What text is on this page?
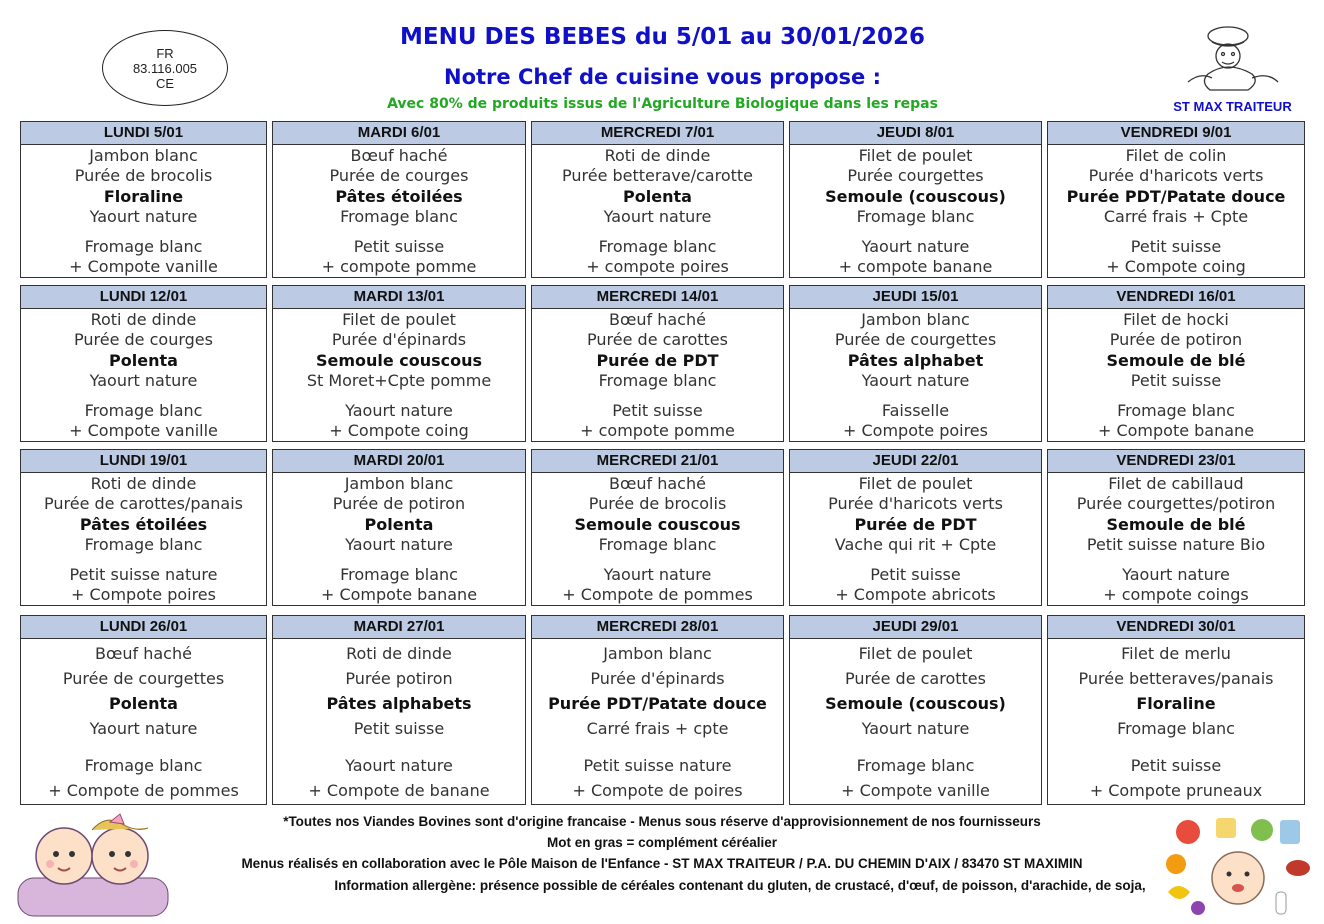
FR
83.116.005
CE
MENU DES BEBES du 5/01 au 30/01/2026
Notre Chef de cuisine vous propose :
Avec 80% de produits issus de l'Agriculture Biologique dans les repas	ST MAX TRAITEUR
LUNDI 5/01
Jambon blanc
Purée de brocolis
Floraline
Yaourt nature
Fromage blanc
+ Compote vanille
MARDI 6/01
Bœuf haché
Purée de courges
Pâtes étoilées
Fromage blanc
Petit suisse
+ compote pomme
MERCREDI 7/01
Roti de dinde
Purée betterave/carotte
Polenta
Yaourt nature
Fromage blanc
+ compote poires
JEUDI 8/01
Filet de poulet
Purée courgettes
Semoule (couscous)
Fromage blanc
Yaourt nature
+ compote banane
VENDREDI 9/01
Filet de colin
Purée d'haricots verts
Purée PDT/Patate douce
Carré frais + Cpte
Petit suisse
+ Compote coing
LUNDI 12/01
Roti de dinde
Purée de courges
Polenta
Yaourt nature
Fromage blanc
+ Compote vanille
MARDI 13/01
Filet de poulet
Purée d'épinards
Semoule couscous
St Moret+Cpte pomme
Yaourt nature
+ Compote coing
MERCREDI 14/01
Bœuf haché
Purée de carottes
Purée de PDT
Fromage blanc
Petit suisse
+ compote pomme
JEUDI 15/01
Jambon blanc
Purée de courgettes
Pâtes alphabet
Yaourt nature
Faisselle
+ Compote poires
VENDREDI 16/01
Filet de hocki
Purée de potiron
Semoule de blé
Petit suisse
Fromage blanc
+ Compote banane
LUNDI 19/01
Roti de dinde
Purée de carottes/panais
Pâtes étoilées
Fromage blanc
Petit suisse nature
+ Compote poires
MARDI 20/01
Jambon blanc
Purée de potiron
Polenta
Yaourt nature
Fromage blanc
+ Compote banane
MERCREDI 21/01
Bœuf haché
Purée de brocolis
Semoule couscous
Fromage blanc
Yaourt nature
+ Compote de pommes
JEUDI 22/01
Filet de poulet
Purée d'haricots verts
Purée de PDT
Vache qui rit + Cpte
Petit suisse
+ Compote abricots
VENDREDI 23/01
Filet de cabillaud
Purée courgettes/potiron
Semoule de blé
Petit suisse nature Bio
Yaourt nature
+ compote coings
LUNDI 26/01
Bœuf haché
Purée de courgettes
Polenta
Yaourt nature
Fromage blanc
+ Compote de pommes
MARDI 27/01
Roti de dinde
Purée potiron
Pâtes alphabets
Petit suisse
Yaourt nature
+ Compote de banane
MERCREDI 28/01
Jambon blanc
Purée d'épinards
Purée PDT/Patate douce
Carré frais + cpte
Petit suisse nature
+ Compote de poires
JEUDI 29/01
Filet de poulet
Purée de carottes
Semoule (couscous)
Yaourt nature
Fromage blanc
+ Compote vanille
VENDREDI 30/01
Filet de merlu
Purée betteraves/panais
Floraline
Fromage blanc
Petit suisse
+ Compote pruneaux
*Toutes nos Viandes Bovines sont d'origine francaise - Menus sous réserve d'approvisionnement de nos fournisseurs
Mot en gras = complément céréalier
Menus réalisés en collaboration avec le Pôle Maison de l'Enfance - ST MAX TRAITEUR / P.A. DU CHEMIN D'AIX / 83470 ST MAXIMIN
Information allergène: présence possible de céréales contenant du gluten, de crustacé, d'œuf, de poisson, d'arachide, de soja,
